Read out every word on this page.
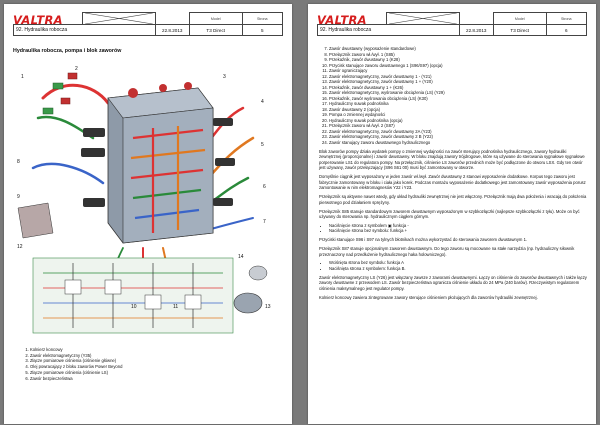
Model	Strona

92. Hydraulika robocza		22.8.2013	T3 Direct	5
VALTRA
Hydraulika robocza, pompa i blok zaworów
1
2
3
4
5
6
7
8
9
10	11
12
13
14
1. Kolnierz koncowy
2. Zawór elektromagnetyczny (Y35)
3. Złącze pomiarowe ciśnienia (ciśnienie główne)
4. Olej powracający z bloku zaworów Power Beyond
5. Złącze pomiarowe ciśnienia (ciśnienie LS)
6. Zawór bezpieczeństwa

Model	Strona

92. Hydraulika robocza		22.8.2013	T3 Direct	6
VALTRA
7. Zawór dwustawny (wyposażenie standardowe)
8. Przełącznik zaworu wł./wył. 1 (S85)
9. Przekaźnik, zawór dwustawny 1 (K28)
10. Przycisk stanujące zaworu dwustawnego 1 (S96/S97) (opcja)
11. Zawór ograniczający
12. Zawór elektromagnetyczny, zawór dwustawny 1 - (Y21)
13. Zawór elektromagnetyczny, zawór dwustawny 1 + (Y20)
14. Przekaźnik, zawór dwustawny 1 + (K26)
15. Zawór elektromagnetyczny, wyśrowanie obciążenia (LS) (Y29)
16. Przekaźnik, zawór wyśrowania obciążenia (LS) (K30)
17. Hydrauliczny suwak podnośnika
18. Zawór dwustawny 2 (opcja)
19. Pompa o zmiennej wydajności
20. Hydrauliczny suwak podnośnika (opcja)
21. Przełącznik zaworu wł./wył. 2 (S87)
22. Zawór elektromagnetyczny, zawór dwustawny 2A (Y23)
23. Zawór elektromagnetyczny, zawór dwustawny 2 B (Y22)
24. Zawór stanujący zaworu dwustawnego hydraulicznego

Blok zaworów pompy działa wydatek pompy o zmiennej wydajności na zawór sterujący podnośnika hydraulicznego, zawory hydrauliki zewnętrznej (proporcjonalne) i zawór dwustawny. W bloku znajdują zawory trójdrogowe, które są używane do sterowania sygnałowe sygnałowe porperowanie LS1 do regulatora pompy. Na przełącznik, ciśnienie LS zaworów przednich może być podłączone do otworu LSX. Gdy ten otwór jest używany, zawór przełączający (S96 S61 00) musi być zamontowany w otworze.

Domyślnie ciągnik jest wyposażony w jeden zawór wł./wył. Zawór dwustawny 2 stanowi wyposażenie dodatkowe. Korpus tego zaworu jest fabrycznie zamontowany w bloku i ciała jako korek. Podczas montażu wyposażenie dodatkowego jest zamontowany zawór wyposażenia porusz zamontowanie w nim elektromagnesów Y22 i Y23.

Przełącznik są aktywne nawet wtedy, gdy układ hydrauliki zewnętrznej nie jest włączony. Przełącznik mają dwa położenia i wracają do położenia pierwotnego pod działaniem sprężyny.

Przełącznik S85 stanuje standardowym zaworem dwustawnym wyposażonym w szybkozłączki (najlepsze szybkozłączki z tyłu). Może on być używany do sterowania np. hydraulicznym ciągłem górnym.

• Naciśnięcie strona z symbolem ▣ funkcja -
• Naciśnięcie strona bez symbolu: funkcja +

Przyciski stanujące S96 i S97 na tylnych błotnikach można wykorzystać do sterowania zaworem dwustawnym 1.

Przełącznik S87 stanuje opcjonalnym zaworem dwustawnym. Do tego zaworu są mocowane na stałe narzędzia (np. hydrauliczny siłownik przeznaczony nad przedłużenie hydraulicznego haka holowniczego).

• Wciśnięta strona bez symbolu: funkcja A
• Naciśnięta strona z symbolem: funkcja B.

Zawór elektromagnetyczny LS (Y26) jest włączany zawsze z zaworami dwustawnymi. Łączy on ciśnienie do zaworów dwustawnych i także łączy zawory dwustawne z przewodem LS. Zawór bezpieczeństwa ogranicza ciśnienie układu do 24 MPa (240 barów). Rzeczywistym regulatorem ciśnienia maksymalnego jest regulator pompy.

Kolnierz koncowy zawiera zintegrowane zawory sterujące ciśnieniem płożujących dla zaworów hydrauliki zewnętrznej.
